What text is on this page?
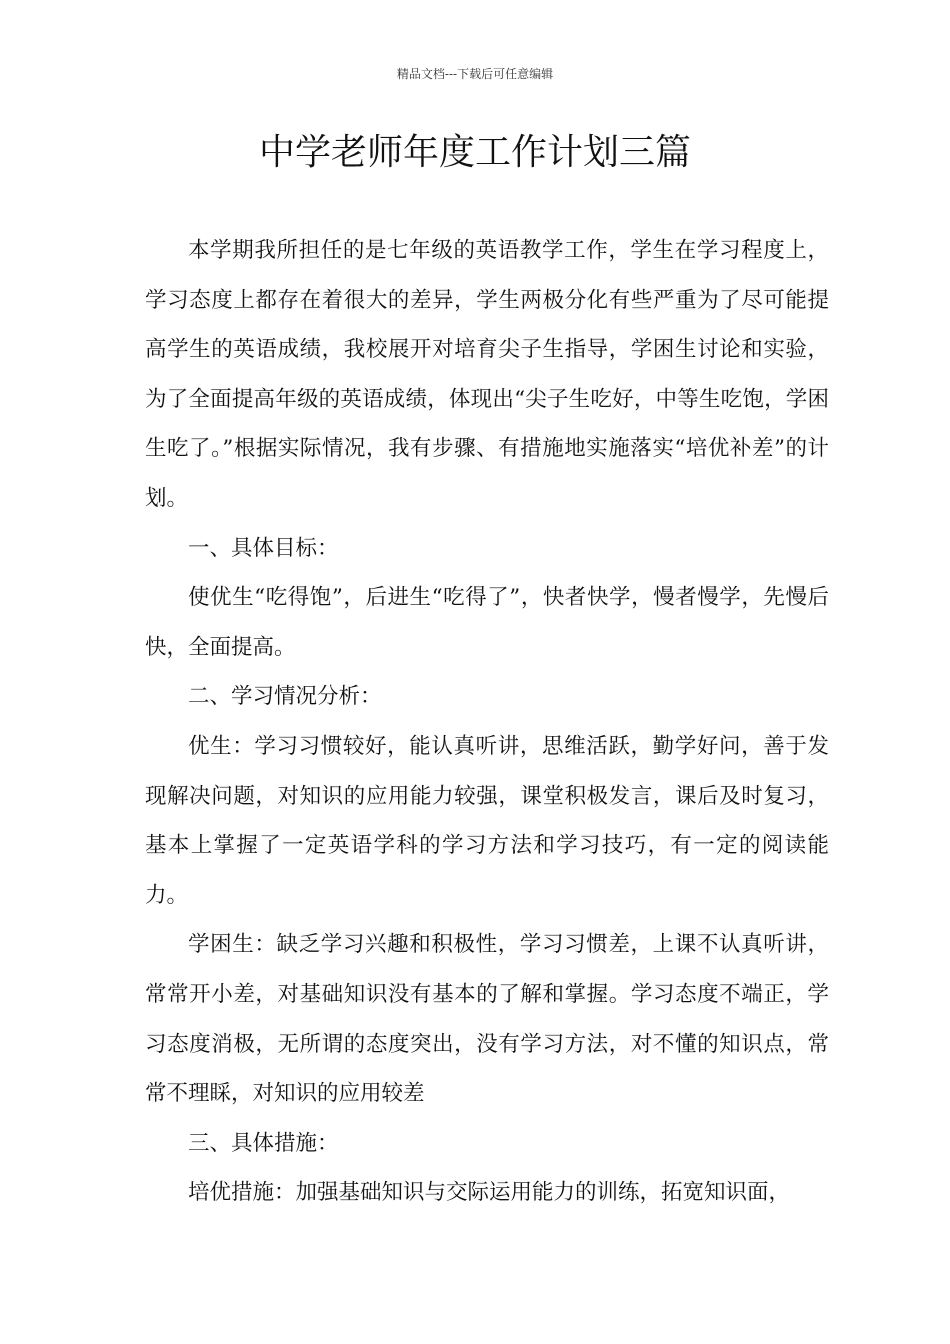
精品文档---下载后可任意编辑
中学老师年度工作计划三篇

本学期我所担任的是七年级的英语教学工作，学生在学习程度上，学习态度上都存在着很大的差异，学生两极分化有些严重为了尽可能提高学生的英语成绩，我校展开对培育尖子生指导，学困生讨论和实验，为了全面提高年级的英语成绩，体现出“尖子生吃好，中等生吃饱，学困生吃了。”根据实际情况，我有步骤、有措施地实施落实“培优补差”的计划。

一、具体目标：

使优生“吃得饱”，后进生“吃得了”，快者快学，慢者慢学，先慢后快，全面提高。

二、学习情况分析：

优生：学习习惯较好，能认真听讲，思维活跃，勤学好问，善于发现解决问题，对知识的应用能力较强，课堂积极发言，课后及时复习，基本上掌握了一定英语学科的学习方法和学习技巧，有一定的阅读能力。

学困生：缺乏学习兴趣和积极性，学习习惯差，上课不认真听讲，常常开小差，对基础知识没有基本的了解和掌握。学习态度不端正，学习态度消极，无所谓的态度突出，没有学习方法，对不懂的知识点，常常不理睬，对知识的应用较差

三、具体措施：

培优措施：加强基础知识与交际运用能力的训练，拓宽知识面，
